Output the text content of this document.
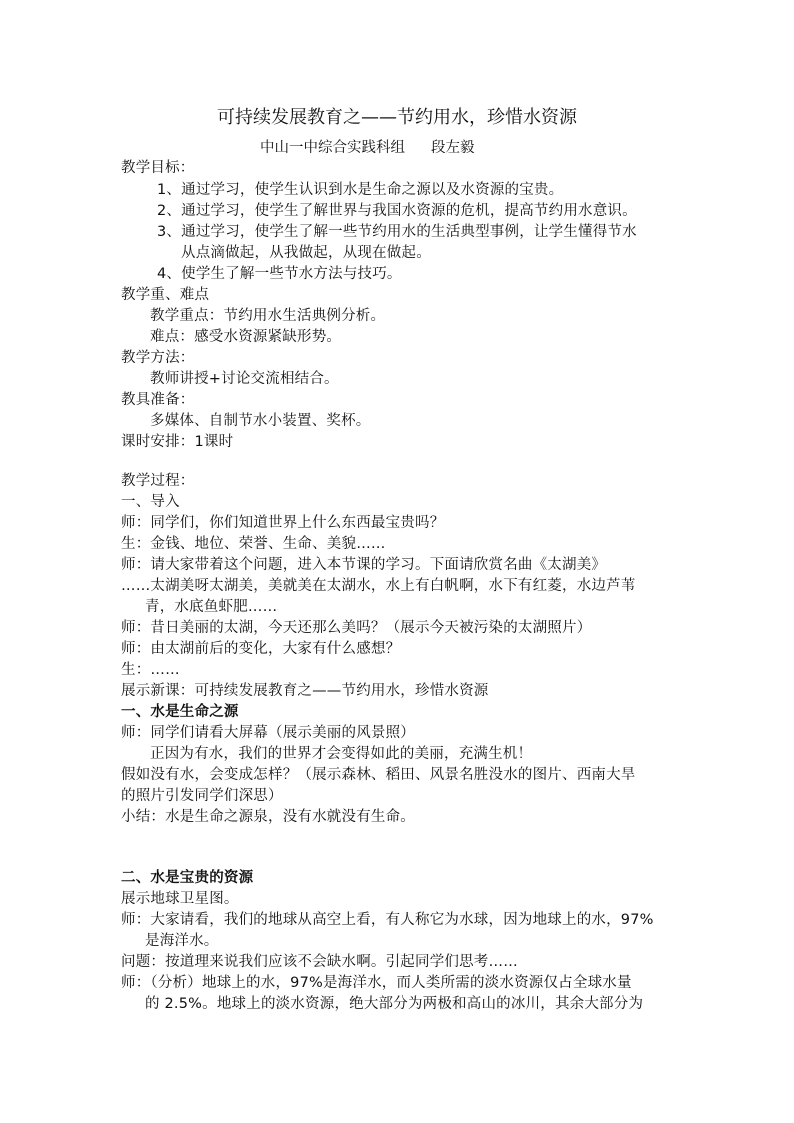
可持续发展教育之——节约用水，珍惜水资源
中山一中综合实践科组 段左毅
教学目标：
1、通过学习，使学生认识到水是生命之源以及水资源的宝贵。
2、通过学习，使学生了解世界与我国水资源的危机，提高节约用水意识。
3、通过学习，使学生了解一些节约用水的生活典型事例，让学生懂得节水
从点滴做起，从我做起，从现在做起。
4、使学生了解一些节水方法与技巧。
教学重、难点
教学重点：节约用水生活典例分析。
难点：感受水资源紧缺形势。
教学方法：
教师讲授+讨论交流相结合。
教具准备：
多媒体、自制节水小装置、奖杯。
课时安排：1课时
教学过程：
一、导入
师：同学们，你们知道世界上什么东西最宝贵吗？
生：金钱、地位、荣誉、生命、美貌……
师：请大家带着这个问题，进入本节课的学习。下面请欣赏名曲《太湖美》
……太湖美呀太湖美，美就美在太湖水，水上有白帆啊，水下有红菱，水边芦苇
青，水底鱼虾肥……
师：昔日美丽的太湖，今天还那么美吗？（展示今天被污染的太湖照片）
师：由太湖前后的变化，大家有什么感想？
生：……
展示新课：可持续发展教育之——节约用水，珍惜水资源
一、水是生命之源
师：同学们请看大屏幕（展示美丽的风景照）
正因为有水，我们的世界才会变得如此的美丽，充满生机！
假如没有水，会变成怎样？（展示森林、稻田、风景名胜没水的图片、西南大旱
的照片引发同学们深思）
小结：水是生命之源泉，没有水就没有生命。
二、水是宝贵的资源
展示地球卫星图。
师：大家请看，我们的地球从高空上看，有人称它为水球，因为地球上的水，97%
是海洋水。
问题：按道理来说我们应该不会缺水啊。引起同学们思考……
师：（分析）地球上的水，97%是海洋水，而人类所需的淡水资源仅占全球水量
的 2.5%。地球上的淡水资源，绝大部分为两极和高山的冰川，其余大部分为
